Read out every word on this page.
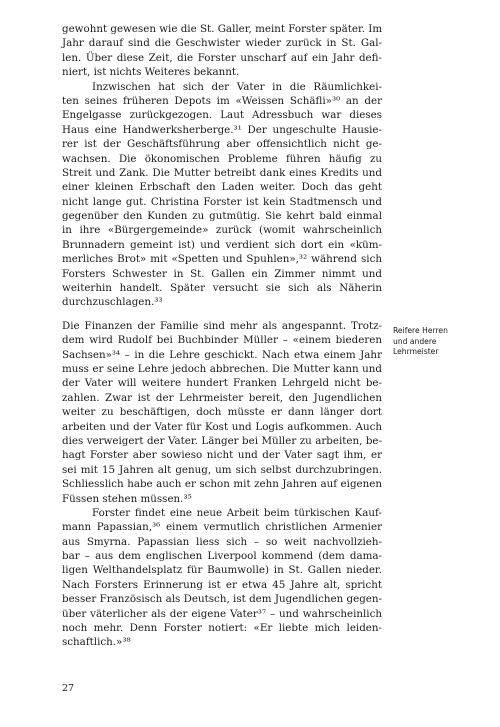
gewohnt gewesen wie die St. Galler, meint Forster später. Im
Jahr darauf sind die Geschwister wieder zurück in St. Gal-
len. Über diese Zeit, die Forster unscharf auf ein Jahr defi-
niert, ist nichts Weiteres bekannt.
Inzwischen hat sich der Vater in die Räumlichkei-
ten seines früheren Depots im «Weissen Schäfli»³⁰ an der
Engelgasse zurückgezogen. Laut Adressbuch war dieses
Haus eine Handwerksherberge.³¹ Der ungeschulte Hausie-
rer ist der Geschäftsführung aber offensichtlich nicht ge-
wachsen. Die ökonomischen Probleme führen häufig zu
Streit und Zank. Die Mutter betreibt dank eines Kredits und
einer kleinen Erbschaft den Laden weiter. Doch das geht
nicht lange gut. Christina Forster ist kein Stadtmensch und
gegenüber den Kunden zu gutmütig. Sie kehrt bald einmal
in ihre «Bürgergemeinde» zurück (womit wahrscheinlich
Brunnadern gemeint ist) und verdient sich dort ein «küm-
merliches Brot» mit «Spetten und Spuhlen»,³² während sich
Forsters Schwester in St. Gallen ein Zimmer nimmt und
weiterhin handelt. Später versucht sie sich als Näherin
durchzuschlagen.³³
Die Finanzen der Familie sind mehr als angespannt. Trotz-
dem wird Rudolf bei Buchbinder Müller – «einem biederen
Sachsen»³⁴ – in die Lehre geschickt. Nach etwa einem Jahr
muss er seine Lehre jedoch abbrechen. Die Mutter kann und
der Vater will weitere hundert Franken Lehrgeld nicht be-
zahlen. Zwar ist der Lehrmeister bereit, den Jugendlichen
weiter zu beschäftigen, doch müsste er dann länger dort
arbeiten und der Vater für Kost und Logis aufkommen. Auch
dies verweigert der Vater. Länger bei Müller zu arbeiten, be-
hagt Forster aber sowieso nicht und der Vater sagt ihm, er
sei mit 15 Jahren alt genug, um sich selbst durchzubringen.
Schliesslich habe auch er schon mit zehn Jahren auf eigenen
Füssen stehen müssen.³⁵
Forster findet eine neue Arbeit beim türkischen Kauf-
mann Papassian,³⁶ einem vermutlich christlichen Armenier
aus Smyrna. Papassian liess sich – so weit nachvollzieh-
bar – aus dem englischen Liverpool kommend (dem dama-
ligen Welthandelsplatz für Baumwolle) in St. Gallen nieder.
Nach Forsters Erinnerung ist er etwa 45 Jahre alt, spricht
besser Französisch als Deutsch, ist dem Jugendlichen gegen-
über väterlicher als der eigene Vater³⁷ – und wahrscheinlich
noch mehr. Denn Forster notiert: «Er liebte mich leiden-
schaftlich.»³⁸
Reifere Herren
und andere
Lehrmeister
27
